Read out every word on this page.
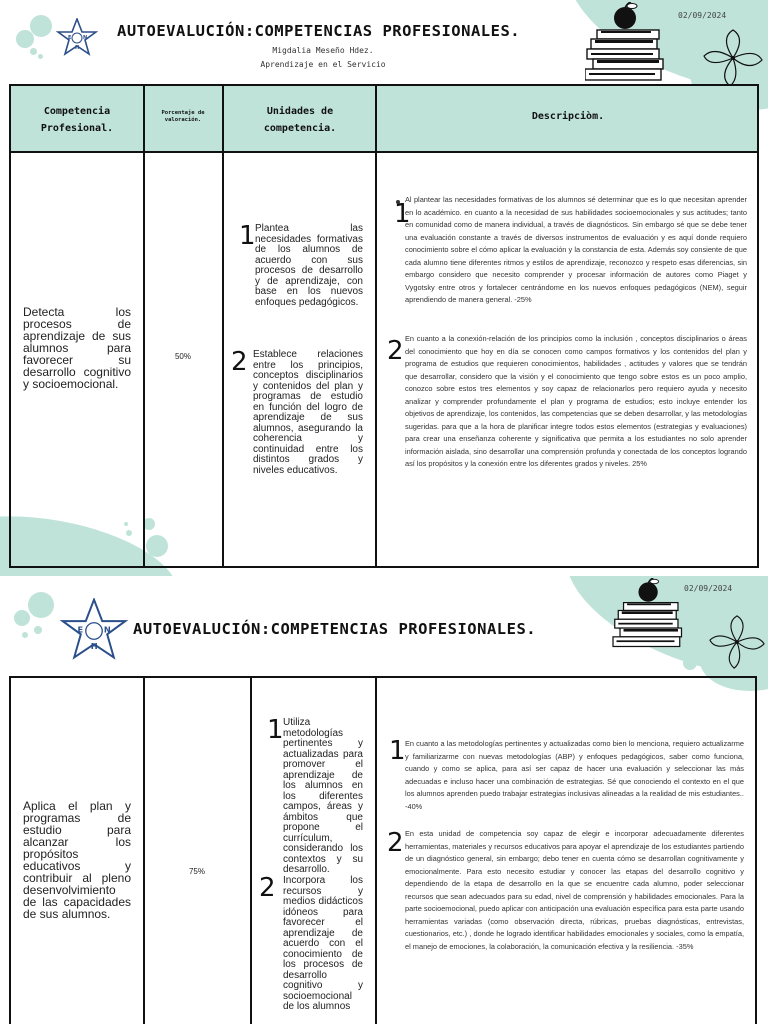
E N
H
AUTOEVALUCIÓN:COMPETENCIAS PROFESIONALES.
Migdalia Meseño Hdez.
Aprendizaje en el Servicio
02/09/2024
Competencia Profesional.
Porcentaje de valoración.
Unidades de competencia.
Descripciòm.
Detecta los procesos de aprendizaje de sus alumnos para favorecer su desarrollo cognitivo y socioemocional.
50%
1 Plantea las necesidades formativas de los alumnos de acuerdo con sus procesos de desarrollo y de aprendizaje, con base en los nuevos enfoques pedagógicos.
2 Establece relaciones entre los principios, conceptos disciplinarios y contenidos del plan y programas de estudio en función del logro de aprendizaje de sus alumnos, asegurando la coherencia y continuidad entre los distintos grados y niveles educativos.
1
Al plantear las necesidades formativas de los alumnos sé determinar que es lo que necesitan aprender en lo académico. en cuanto a la necesidad de sus habilidades socioemocionales y sus actitudes; tanto en comunidad como de manera individual, a través de diagnósticos. Sin embargo sé que se debe tener una evaluación constante a través de diversos instrumentos de evaluación y es aquí donde requiero conocimiento sobre el cómo aplicar la evaluación y la constancia de esta. Además soy consiente de que cada alumno tiene diferentes ritmos y estilos de aprendizaje, reconozco y respeto esas diferencias, sin embargo considero que necesito comprender y procesar información de autores como Piaget y Vygotsky entre otros y fortalecer centrándome en los nuevos enfoques pedagógicos (NEM), seguir aprendiendo de manera general. -25%
2 En cuanto a la conexión-relación de los principios como la inclusión , conceptos disciplinarios o áreas del conocimiento que hoy en día se conocen como campos formativos y los contenidos del plan y programa de estudios que requieren conocimientos, habilidades , actitudes y valores que se tendrán que desarrollar, considero que la visión y el conocimiento que tengo sobre estos es un poco amplio, conozco sobre estos tres elementos y soy capaz de relacionarlos pero requiero ayuda y necesito analizar y comprender profundamente el plan y programa de estudios; esto incluye entender los objetivos de aprendizaje, los contenidos, las competencias que se deben desarrollar, y las metodologías sugeridas. para que a la hora de planificar integre todos estos elementos (estrategias y evaluaciones) para crear una enseñanza coherente y significativa que permita a los estudiantes no solo aprender información aislada, sino desarrollar una comprensión profunda y conectada de los conceptos logrando así los propósitos y la conexión entre los diferentes grados y niveles. 25%
E	N
H
AUTOEVALUCIÓN:COMPETENCIAS PROFESIONALES.
02/09/2024
Aplica el plan y programas de estudio para alcanzar los propósitos educativos y contribuir al pleno desenvolvimiento de las capacidades de sus alumnos.
75%
1 Utiliza metodologías pertinentes y actualizadas para promover el aprendizaje de los alumnos en los diferentes campos, áreas y ámbitos que propone el currículum, considerando los contextos y su desarrollo.
2 Incorpora los recursos y medios didácticos idóneos para favorecer el aprendizaje de acuerdo con el conocimiento de los procesos de desarrollo cognitivo y socioemocional de los alumnos
1 En cuanto a las metodologías pertinentes y actualizadas como bien lo menciona, requiero actualizarme y familiarizarme con nuevas metodologías (ABP) y enfoques pedagógicos, saber como funciona, cuando y como se aplica, para así ser capaz de hacer una evaluación y seleccionar las más adecuadas e incluso hacer una combinación de estrategias. Sé que conociendo el contexto en el que los alumnos aprenden puedo trabajar estrategias inclusivas alineadas a la realidad de mis estudiantes.. -40%
2 En esta unidad de competencia soy capaz de elegir e incorporar adecuadamente diferentes herramientas, materiales y recursos educativos para apoyar el aprendizaje de los estudiantes partiendo de un diagnóstico general, sin embargo; debo tener en cuenta cómo se desarrollan cognitivamente y emocionalmente. Para esto necesito estudiar y conocer las etapas del desarrollo cognitivo y dependiendo de la etapa de desarrollo en la que se encuentre cada alumno, poder seleccionar recursos que sean adecuados para su edad, nivel de comprensión y habilidades emocionales. Para la parte socioemocional, puedo aplicar con anticipación una evaluación específica para esta parte usando herramientas variadas (como observación directa, rúbricas, pruebas diagnósticas, entrevistas, cuestionarios, etc.) , donde he logrado identificar habilidades emocionales y sociales, como la empatía, el manejo de emociones, la colaboración, la comunicación efectiva y la resiliencia. -35%
